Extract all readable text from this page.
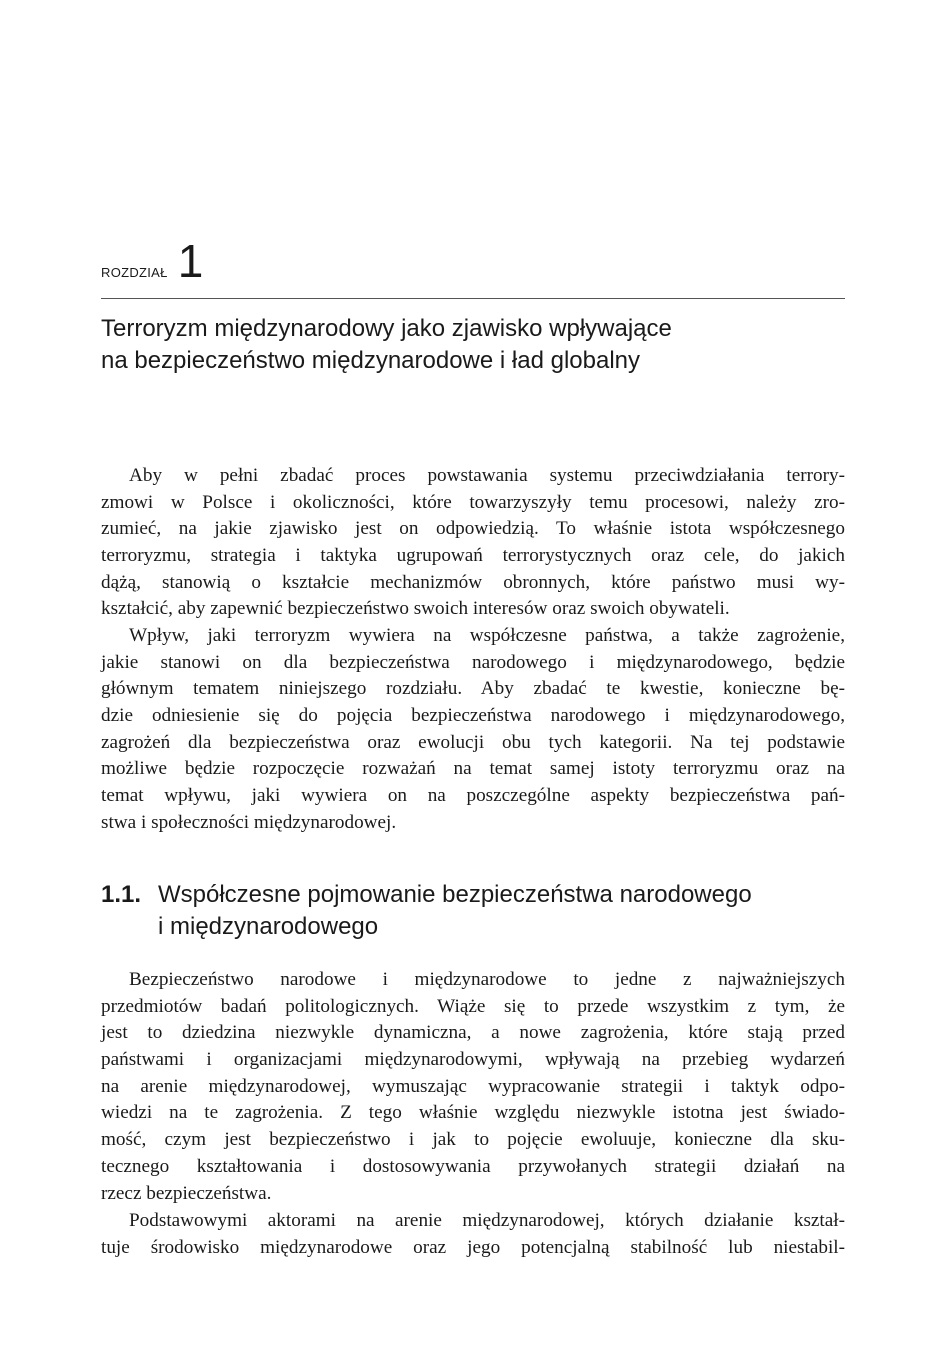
ROZDZIAŁ 1
Terroryzm międzynarodowy jako zjawisko wpływające
na bezpieczeństwo międzynarodowe i ład globalny

Aby w pełni zbadać proces powstawania systemu przeciwdziałania terrory-
zmowi w Polsce i okoliczności, które towarzyszyły temu procesowi, należy zro-
zumieć, na jakie zjawisko jest on odpowiedzią. To właśnie istota współczesnego
terroryzmu, strategia i taktyka ugrupowań terrorystycznych oraz cele, do jakich
dążą, stanowią o kształcie mechanizmów obronnych, które państwo musi wy-
kształcić, aby zapewnić bezpieczeństwo swoich interesów oraz swoich obywateli.

Wpływ, jaki terroryzm wywiera na współczesne państwa, a także zagrożenie,
jakie stanowi on dla bezpieczeństwa narodowego i międzynarodowego, będzie
głównym tematem niniejszego rozdziału. Aby zbadać te kwestie, konieczne bę-
dzie odniesienie się do pojęcia bezpieczeństwa narodowego i międzynarodowego,
zagrożeń dla bezpieczeństwa oraz ewolucji obu tych kategorii. Na tej podstawie
możliwe będzie rozpoczęcie rozważań na temat samej istoty terroryzmu oraz na
temat wpływu, jaki wywiera on na poszczególne aspekty bezpieczeństwa pań-
stwa i społeczności międzynarodowej.

1.1. Współczesne pojmowanie bezpieczeństwa narodowego
i międzynarodowego

Bezpieczeństwo narodowe i międzynarodowe to jedne z najważniejszych
przedmiotów badań politologicznych. Wiąże się to przede wszystkim z tym, że
jest to dziedzina niezwykle dynamiczna, a nowe zagrożenia, które stają przed
państwami i organizacjami międzynarodowymi, wpływają na przebieg wydarzeń
na arenie międzynarodowej, wymuszając wypracowanie strategii i taktyk odpo-
wiedzi na te zagrożenia. Z tego właśnie względu niezwykle istotna jest świado-
mość, czym jest bezpieczeństwo i jak to pojęcie ewoluuje, konieczne dla sku-
tecznego kształtowania i dostosowywania przywołanych strategii działań na
rzecz bezpieczeństwa.

Podstawowymi aktorami na arenie międzynarodowej, których działanie kształ-
tuje środowisko międzynarodowe oraz jego potencjalną stabilność lub niestabil-
